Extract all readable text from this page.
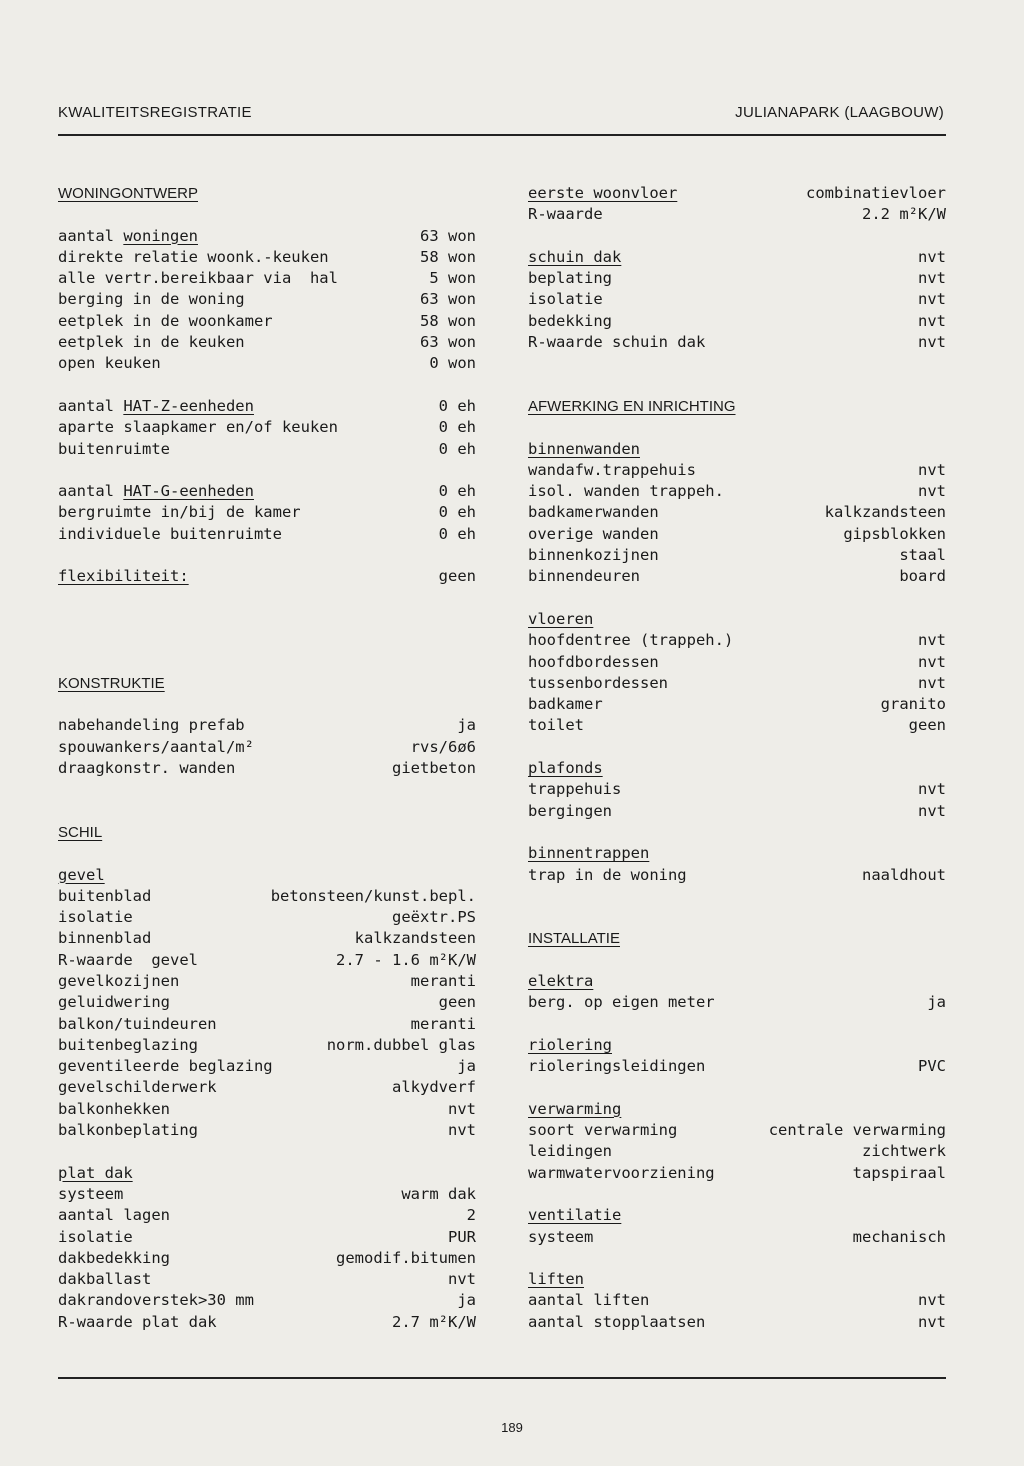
KWALITEITSREGISTRATIE	JULIANAPARK (LAAGBOUW)
WONINGONTWERP
aantal woningen	63 won
direkte relatie woonk.-keuken	58 won
alle vertr.bereikbaar via  hal	5 won
berging in de woning	63 won
eetplek in de woonkamer	58 won
eetplek in de keuken	63 won
open keuken	0 won
aantal HAT-Z-eenheden	0 eh
aparte slaapkamer en/of keuken	0 eh
buitenruimte	0 eh
aantal HAT-G-eenheden	0 eh
bergruimte in/bij de kamer	0 eh
individuele buitenruimte	0 eh
flexibiliteit:	geen
KONSTRUKTIE
nabehandeling prefab	ja
spouwankers/aantal/m²	rvs/6ø6
draagkonstr. wanden	gietbeton
SCHIL
gevel
buitenblad	betonsteen/kunst.bepl.
isolatie	geëxtr.PS
binnenblad	kalkzandsteen
R-waarde  gevel	2.7 - 1.6 m²K/W
gevelkozijnen	meranti
geluidwering	geen
balkon/tuindeuren	meranti
buitenbeglazing	norm.dubbel glas
geventileerde beglazing	ja
gevelschilderwerk	alkydverf
balkonhekken	nvt
balkonbeplating	nvt
plat dak
systeem	warm dak
aantal lagen	2
isolatie	PUR
dakbedekking	gemodif.bitumen
dakballast	nvt
dakrandoverstek>30 mm	ja
R-waarde plat dak	2.7 m²K/W
eerste woonvloer	combinatievloer
R-waarde	2.2 m²K/W
schuin dak	nvt
beplating	nvt
isolatie	nvt
bedekking	nvt
R-waarde schuin dak	nvt
AFWERKING EN INRICHTING
binnenwanden
wandafw.trappehuis	nvt
isol. wanden trappeh.	nvt
badkamerwanden	kalkzandsteen
overige wanden	gipsblokken
binnenkozijnen	staal
binnendeuren	board
vloeren
hoofdentree (trappeh.)	nvt
hoofdbordessen	nvt
tussenbordessen	nvt
badkamer	granito
toilet	geen
plafonds
trappehuis	nvt
bergingen	nvt
binnentrappen
trap in de woning	naaldhout
INSTALLATIE
elektra
berg. op eigen meter	ja
riolering
rioleringsleidingen	PVC
verwarming
soort verwarming	centrale verwarming
leidingen	zichtwerk
warmwatervoorziening	tapspiraal
ventilatie
systeem	mechanisch
liften
aantal liften	nvt
aantal stopplaatsen	nvt
189
